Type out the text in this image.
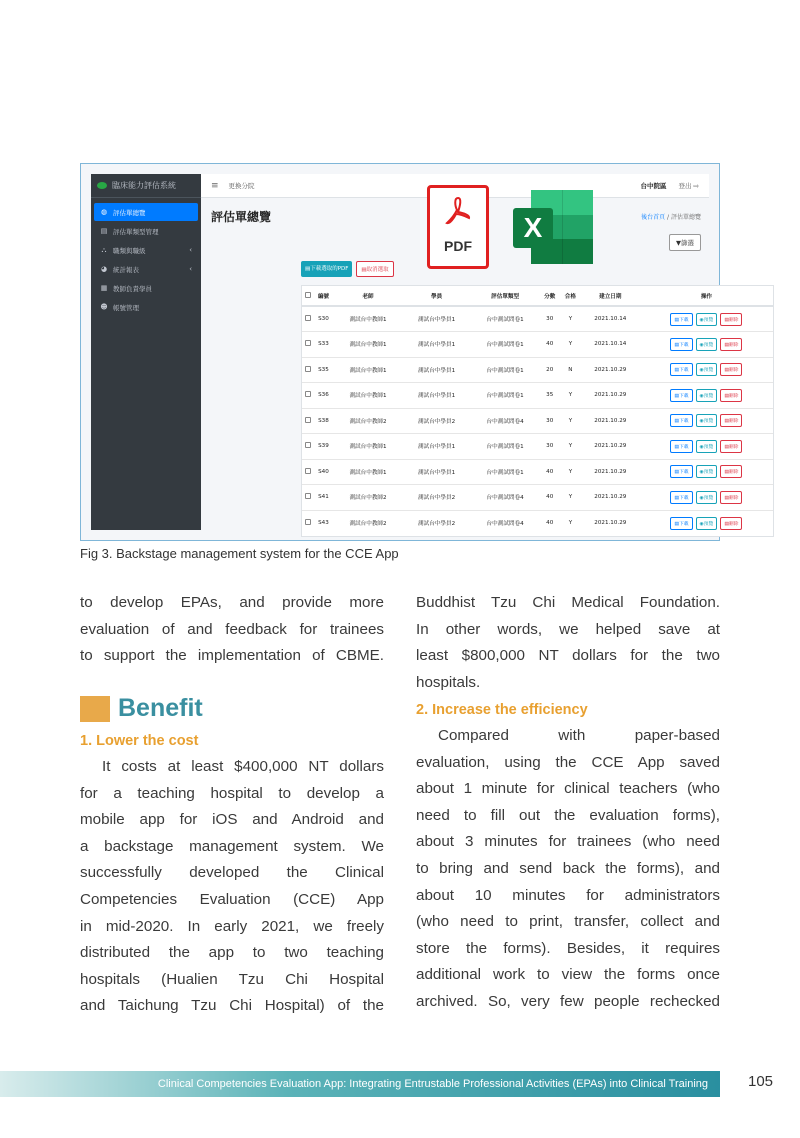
臨床能力評估系統
◍ 評估單總覽
▤ 評估單類型管理
⛬ 職類與職級	‹
◕ 統計報表	‹
▦ 教師負責學員
☻ 帳號管理
≡ 更換分院	台中院區 登出 ⇨
評估單總覽	後台首頁 / 評估單總覽
▼篩選
▤下載選取的PDF	▤取消選取
	編號	老師	學員	評估單類型	分數	合格	建立日期	操作
	S30	測試台中教師1	測試台中學員1	台中測試問卷1	30	Y	2021.10.14	▤下載 ◉預覽 ▤刪除

	S33	測試台中教師1	測試台中學員1	台中測試問卷1	40	Y	2021.10.14	▤下載 ◉預覽 ▤刪除

	S35	測試台中教師1	測試台中學員1	台中測試問卷1	20	N	2021.10.29	▤下載 ◉預覽 ▤刪除

	S36	測試台中教師1	測試台中學員1	台中測試問卷1	35	Y	2021.10.29	▤下載 ◉預覽 ▤刪除

	S38	測試台中教師2	測試台中學員2	台中測試問卷4	30	Y	2021.10.29	▤下載 ◉預覽 ▤刪除

	S39	測試台中教師1	測試台中學員1	台中測試問卷1	30	Y	2021.10.29	▤下載 ◉預覽 ▤刪除

	S40	測試台中教師1	測試台中學員1	台中測試問卷1	40	Y	2021.10.29	▤下載 ◉預覽 ▤刪除

	S41	測試台中教師2	測試台中學員2	台中測試問卷4	40	Y	2021.10.29	▤下載 ◉預覽 ▤刪除

	S43	測試台中教師2	測試台中學員2	台中測試問卷4	40	Y	2021.10.29	▤下載 ◉預覽 ▤刪除
PDF
X
Fig 3. Backstage management system for the CCE App

to develop EPAs, and provide more

evaluation of and feedback for trainees

to support the implementation of CBME.

Benefit
1. Lower the cost

It costs at least $400,000 NT dollars

for a teaching hospital to develop a

mobile app for iOS and Android and

a backstage management system. We

successfully developed the Clinical

Competencies Evaluation (CCE) App

in mid-2020. In early 2021, we freely

distributed the app to two teaching

hospitals (Hualien Tzu Chi Hospital

and Taichung Tzu Chi Hospital) of the

Buddhist Tzu Chi Medical Foundation.

In other words, we helped save at

least $800,000 NT dollars for the two

hospitals.

2. Increase the efficiency

Compared with paper-based

evaluation, using the CCE App saved

about 1 minute for clinical teachers (who

need to fill out the evaluation forms),

about 3 minutes for trainees (who need

to bring and send back the forms), and

about 10 minutes for administrators

(who need to print, transfer, collect and

store the forms). Besides, it requires

additional work to view the forms once

archived. So, very few people rechecked

Clinical Competencies Evaluation App: Integrating Entrustable Professional Activities (EPAs) into Clinical Training	105
